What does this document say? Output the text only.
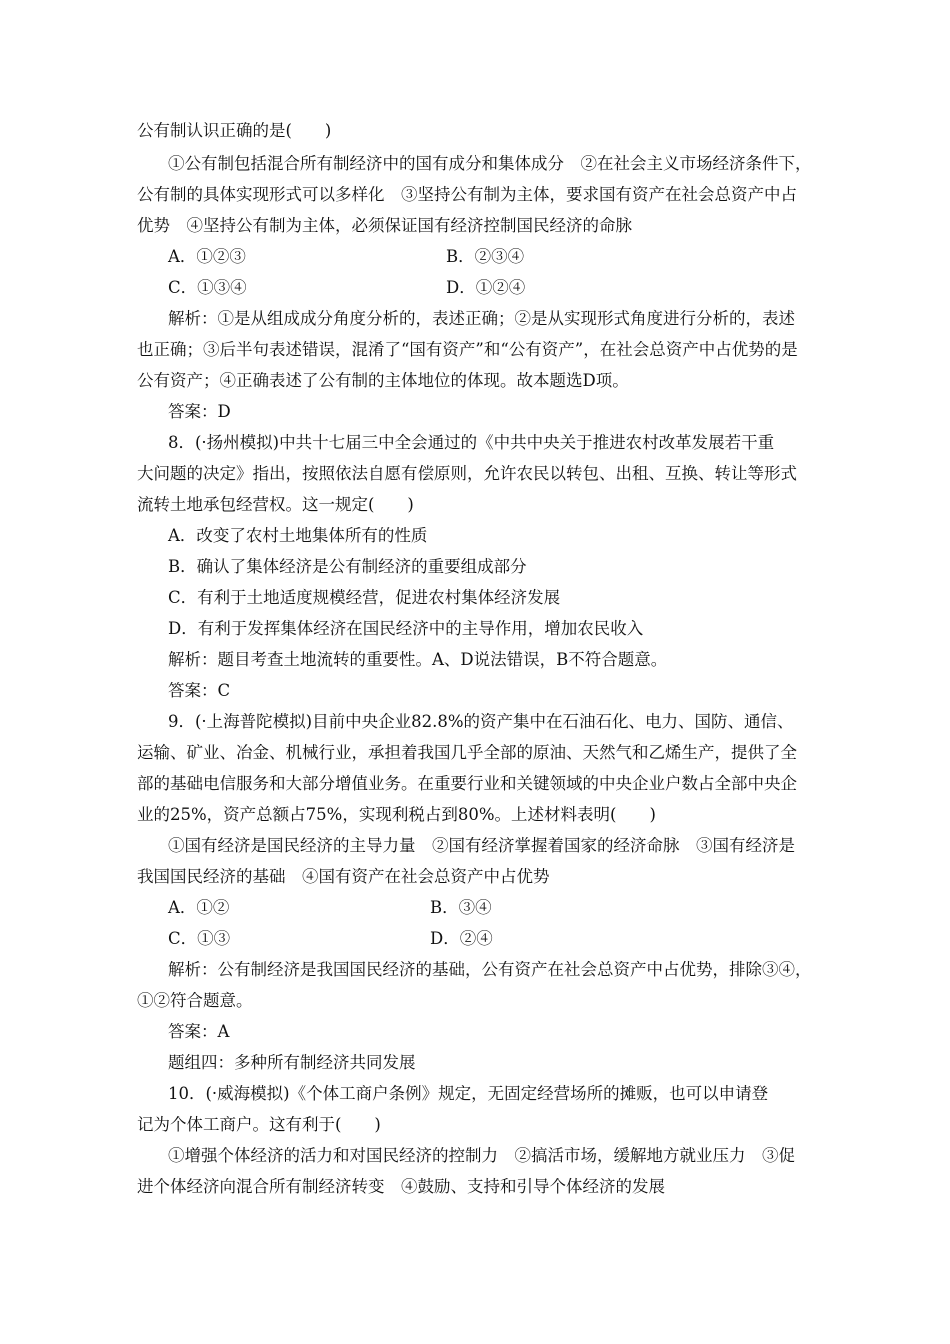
公有制认识正确的是(　　)
①公有制包括混合所有制经济中的国有成分和集体成分　②在社会主义市场经济条件下，
公有制的具体实现形式可以多样化　③坚持公有制为主体，要求国有资产在社会总资产中占
优势　④坚持公有制为主体，必须保证国有经济控制国民经济的命脉
A．①②③	B．②③④
C．①③④	D．①②④
解析：①是从组成成分角度分析的，表述正确；②是从实现形式角度进行分析的，表述
也正确；③后半句表述错误，混淆了“国有资产”和“公有资产”，在社会总资产中占优势的是
公有资产；④正确表述了公有制的主体地位的体现。故本题选D项。
答案：D
8．(·扬州模拟)中共十七届三中全会通过的《中共中央关于推进农村改革发展若干重
大问题的决定》指出，按照依法自愿有偿原则，允许农民以转包、出租、互换、转让等形式
流转土地承包经营权。这一规定(　　)
A．改变了农村土地集体所有的性质
B．确认了集体经济是公有制经济的重要组成部分
C．有利于土地适度规模经营，促进农村集体经济发展
D．有利于发挥集体经济在国民经济中的主导作用，增加农民收入
解析：题目考查土地流转的重要性。A、D说法错误，B不符合题意。
答案：C
9．(·上海普陀模拟)目前中央企业82.8%的资产集中在石油石化、电力、国防、通信、
运输、矿业、冶金、机械行业，承担着我国几乎全部的原油、天然气和乙烯生产，提供了全
部的基础电信服务和大部分增值业务。在重要行业和关键领域的中央企业户数占全部中央企
业的25%，资产总额占75%，实现利税占到80%。上述材料表明(　　)
①国有经济是国民经济的主导力量　②国有经济掌握着国家的经济命脉　③国有经济是
我国国民经济的基础　④国有资产在社会总资产中占优势
A．①②	B．③④
C．①③	D．②④
解析：公有制经济是我国国民经济的基础，公有资产在社会总资产中占优势，排除③④，
①②符合题意。
答案：A
题组四：多种所有制经济共同发展
10．(·威海模拟)《个体工商户条例》规定，无固定经营场所的摊贩，也可以申请登
记为个体工商户。这有利于(　　)
①增强个体经济的活力和对国民经济的控制力　②搞活市场，缓解地方就业压力　③促
进个体经济向混合所有制经济转变　④鼓励、支持和引导个体经济的发展
